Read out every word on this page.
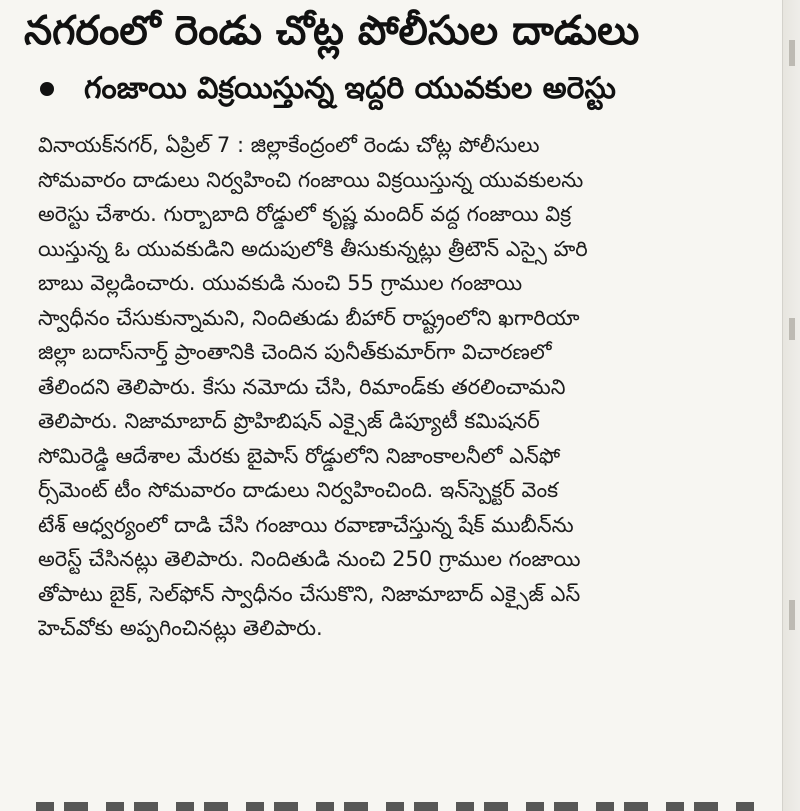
నగరంలో రెండు చోట్ల పోలీసుల దాడులు
గంజాయి విక్రయిస్తున్న ఇద్దరి యువకుల అరెస్టు
వినాయక్‌నగర్, ఏప్రిల్ 7 : జిల్లాకేంద్రంలో రెండు చోట్ల పోలీసులు
సోమవారం దాడులు నిర్వహించి గంజాయి విక్రయిస్తున్న యువకులను
అరెస్టు చేశారు. గుర్బాబాది రోడ్డులో కృష్ణ మందిర్ వద్ద గంజాయి విక్ర
యిస్తున్న ఓ యువకుడిని అదుపులోకి తీసుకున్నట్లు త్రీటౌన్ ఎస్సై హరి
బాబు వెల్లడించారు. యువకుడి నుంచి 55 గ్రాముల గంజాయి
స్వాధీనం చేసుకున్నామని, నిందితుడు బీహార్ రాష్ట్రంలోని ఖగారియా
జిల్లా బదాస్‌నార్త్ ప్రాంతానికి చెందిన పునీత్‌కుమార్‌గా విచారణలో
తేలిందని తెలిపారు. కేసు నమోదు చేసి, రిమాండ్‌కు తరలించామని
తెలిపారు. నిజామాబాద్ ప్రొహిబిషన్ ఎక్సైజ్ డిప్యూటీ కమిషనర్
సోమిరెడ్డి ఆదేశాల మేరకు బైపాస్ రోడ్డులోని నిజాంకాలనీలో ఎన్‌ఫో
ర్స్‌మెంట్ టీం సోమవారం దాడులు నిర్వహించింది. ఇన్‌స్పెక్టర్ వెంక
టేశ్ ఆధ్వర్యంలో దాడి చేసి గంజాయి రవాణాచేస్తున్న షేక్ ముబీన్‌ను
అరెస్ట్ చేసినట్లు తెలిపారు. నిందితుడి నుంచి 250 గ్రాముల గంజాయి
తోపాటు బైక్, సెల్‌ఫోన్ స్వాధీనం చేసుకొని, నిజామాబాద్ ఎక్సైజ్ ఎస్
హెచ్‌వోకు అప్పగించినట్లు తెలిపారు.
